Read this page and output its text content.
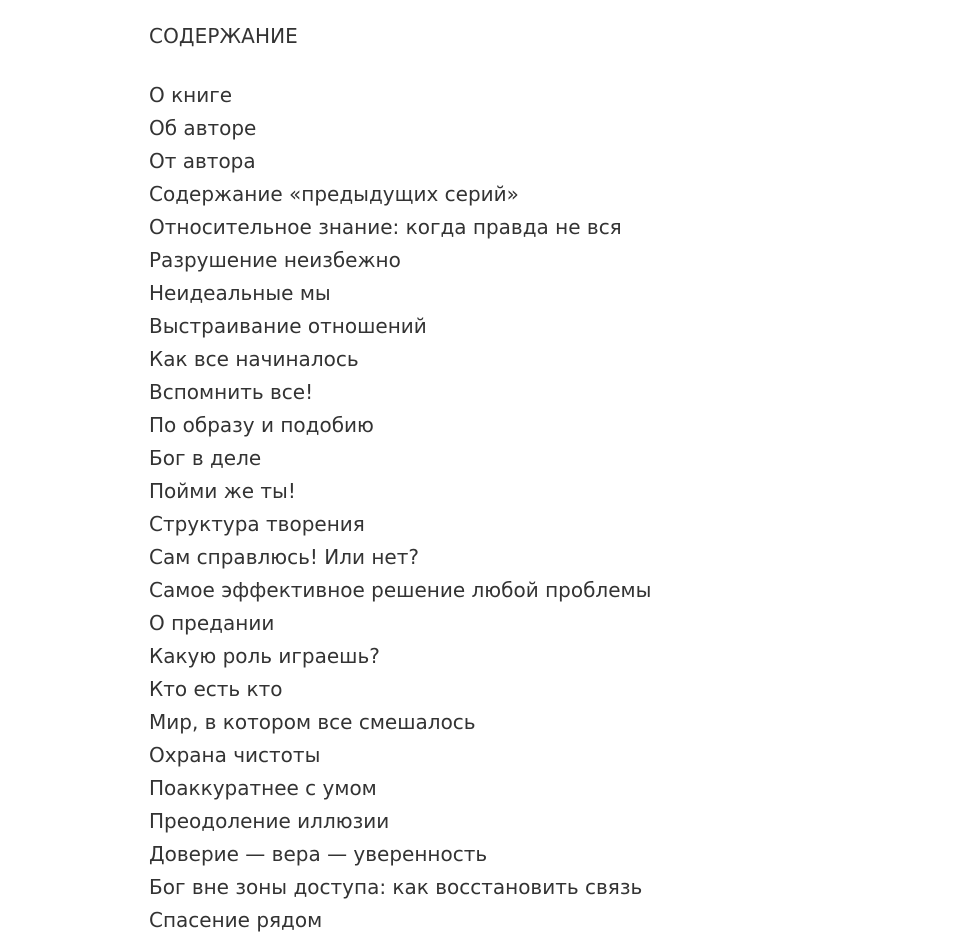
СОДЕРЖАНИЕ
О книге
Об авторе
От автора
Содержание «предыдущих серий»
Относительное знание: когда правда не вся
Разрушение неизбежно
Неидеальные мы
Выстраивание отношений
Как все начиналось
Вспомнить все!
По образу и подобию
Бог в деле
Пойми же ты!
Структура творения
Сам справлюсь! Или нет?
Самое эффективное решение любой проблемы
О предании
Какую роль играешь?
Кто есть кто
Мир, в котором все смешалось
Охрана чистоты
Поаккуратнее с умом
Преодоление иллюзии
Доверие — вера — уверенность
Бог вне зоны доступа: как восстановить связь
Спасение рядом
